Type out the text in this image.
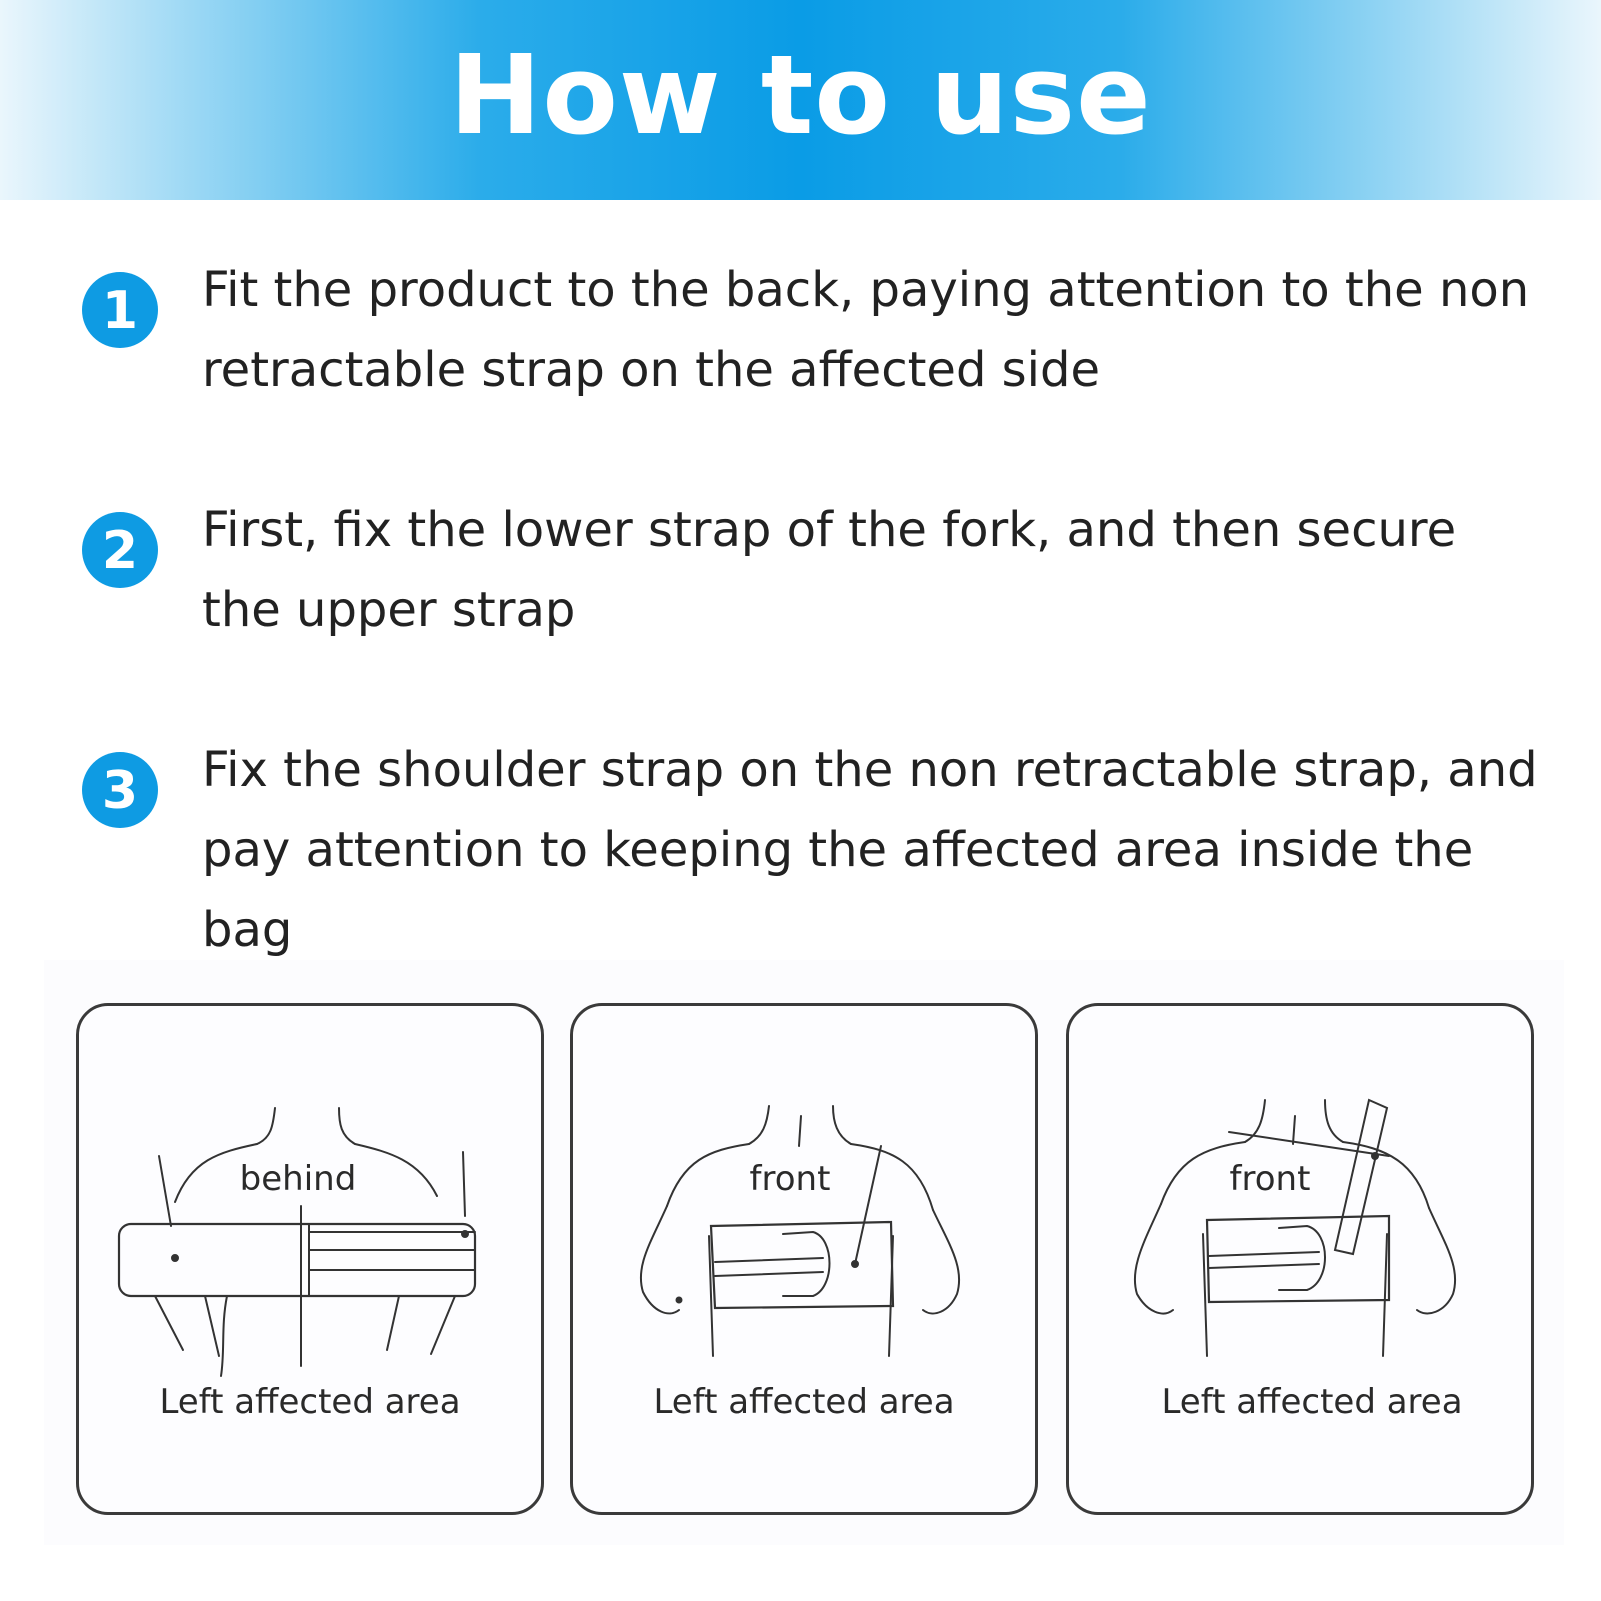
How to use
1	Fit the product to the back, paying attention to the non retractable strap on the affected side
2	First, fix the lower strap of the fork, and then secure the upper strap
3	Fix the shoulder strap on the non retractable strap, and pay attention to keeping the affected area inside the bag
behind
Left affected area
front
Left affected area
front
Left affected area
